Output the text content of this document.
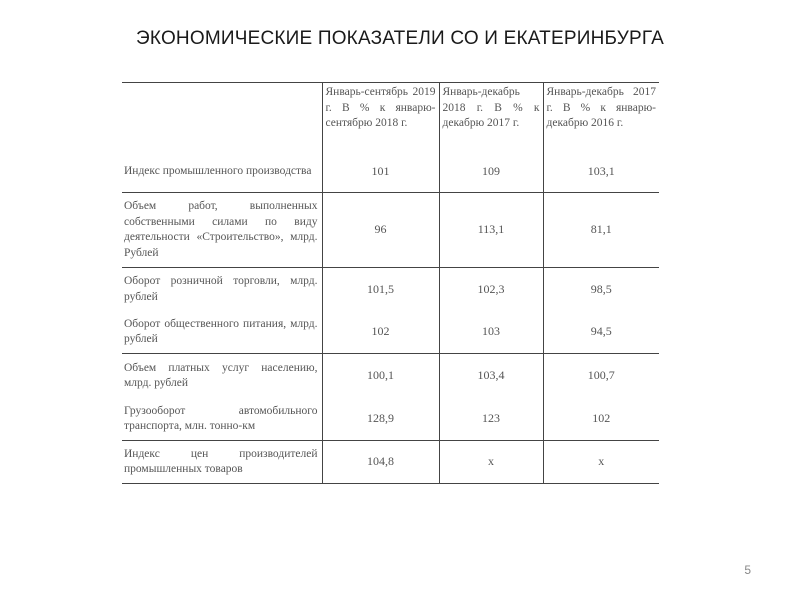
ЭКОНОМИЧЕСКИЕ ПОКАЗАТЕЛИ СО И ЕКАТЕРИНБУРГА
	Январь-сентябрь 2019 г. В % к январю-сентябрю 2018 г.	Январь-декабрь 2018 г. В % к декабрю 2017 г.	Январь-декабрь 2017 г. В % к январю-декабрю 2016 г.
Индекс промышленного производства	101	109	103,1
Объем работ, выполненных собственными силами по виду деятельности «Строительство», млрд. Рублей	96	113,1	81,1
Оборот розничной торговли, млрд. рублей	101,5	102,3	98,5
Оборот общественного питания, млрд. рублей	102	103	94,5
Объем платных услуг населению, млрд. рублей	100,1	103,4	100,7
Грузооборот автомобильного транспорта, млн. тонно-км	128,9	123	102
Индекс цен производителей промышленных товаров	104,8	х	х
5
